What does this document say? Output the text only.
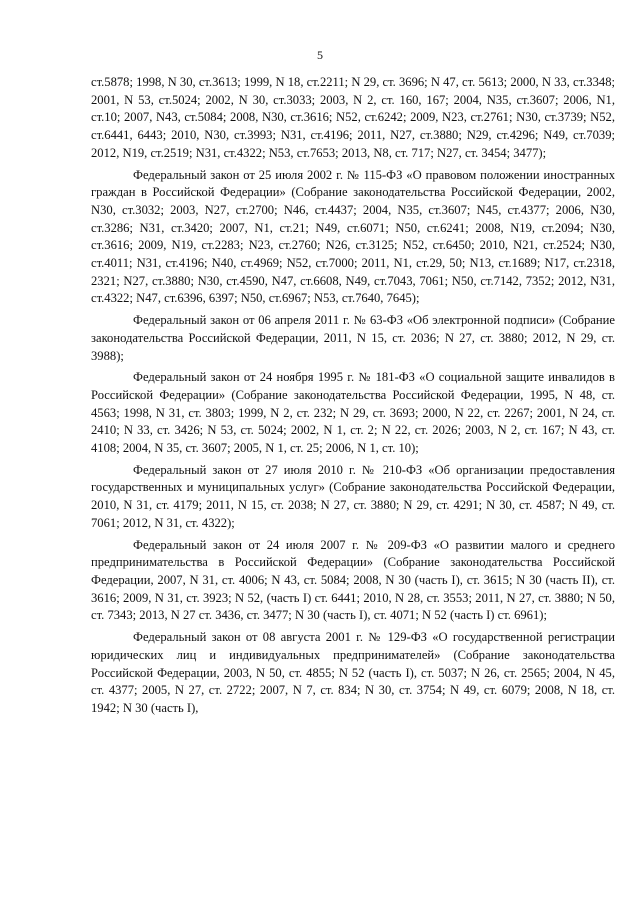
5

ст.5878; 1998, N 30, ст.3613; 1999, N 18, ст.2211; N 29, ст. 3696; N 47, ст. 5613; 2000, N 33, ст.3348; 2001, N 53, ст.5024; 2002, N 30, ст.3033; 2003, N 2, ст. 160, 167; 2004, N35, ст.3607; 2006, N1, ст.10; 2007, N43, ст.5084; 2008, N30, ст.3616; N52, ст.6242; 2009, N23, ст.2761; N30, ст.3739; N52, ст.6441, 6443; 2010, N30, ст.3993; N31, ст.4196; 2011, N27, ст.3880; N29, ст.4296; N49, ст.7039; 2012, N19, ст.2519; N31, ст.4322; N53, ст.7653; 2013, N8, ст. 717; N27, ст. 3454; 3477);

Федеральный закон от 25 июля 2002 г. № 115-ФЗ «О правовом положении иностранных граждан в Российской Федерации» (Собрание законодательства Российской Федерации, 2002, N30, ст.3032; 2003, N27, ст.2700; N46, ст.4437; 2004, N35, ст.3607; N45, ст.4377; 2006, N30, ст.3286; N31, ст.3420; 2007, N1, ст.21; N49, ст.6071; N50, ст.6241; 2008, N19, ст.2094; N30, ст.3616; 2009, N19, ст.2283; N23, ст.2760; N26, ст.3125; N52, ст.6450; 2010, N21, ст.2524; N30, ст.4011; N31, ст.4196; N40, ст.4969; N52, ст.7000; 2011, N1, ст.29, 50; N13, ст.1689; N17, ст.2318, 2321; N27, ст.3880; N30, ст.4590, N47, ст.6608, N49, ст.7043, 7061; N50, ст.7142, 7352; 2012, N31, ст.4322; N47, ст.6396, 6397; N50, ст.6967; N53, ст.7640, 7645);

Федеральный закон от 06 апреля 2011 г. № 63-ФЗ «Об электронной подписи» (Собрание законодательства Российской Федерации, 2011, N 15, ст. 2036; N 27, ст. 3880; 2012, N 29, ст. 3988);

Федеральный закон от 24 ноября 1995 г. № 181-ФЗ «О социальной защите инвалидов в Российской Федерации» (Собрание законодательства Российской Федерации, 1995, N 48, ст. 4563; 1998, N 31, ст. 3803; 1999, N 2, ст. 232; N 29, ст. 3693; 2000, N 22, ст. 2267; 2001, N 24, ст. 2410; N 33, ст. 3426; N 53, ст. 5024; 2002, N 1, ст. 2; N 22, ст. 2026; 2003, N 2, ст. 167; N 43, ст. 4108; 2004, N 35, ст. 3607; 2005, N 1, ст. 25; 2006, N 1, ст. 10);

Федеральный закон от 27 июля 2010 г. № 210-ФЗ «Об организации предоставления государственных и муниципальных услуг» (Собрание законодательства Российской Федерации, 2010, N 31, ст. 4179; 2011, N 15, ст. 2038; N 27, ст. 3880; N 29, ст. 4291; N 30, ст. 4587; N 49, ст. 7061; 2012, N 31, ст. 4322);

Федеральный закон от 24 июля 2007 г. № 209-ФЗ «О развитии малого и среднего предпринимательства в Российской Федерации» (Собрание законодательства Российской Федерации, 2007, N 31, ст. 4006; N 43, ст. 5084; 2008, N 30 (часть I), ст. 3615; N 30 (часть II), ст. 3616; 2009, N 31, ст. 3923; N 52, (часть I) ст. 6441; 2010, N 28, ст. 3553; 2011, N 27, ст. 3880; N 50, ст. 7343; 2013, N 27 ст. 3436, ст. 3477; N 30 (часть I), ст. 4071; N 52 (часть I) ст. 6961);

Федеральный закон от 08 августа 2001 г. № 129-ФЗ «О государственной регистрации юридических лиц и индивидуальных предпринимателей» (Собрание законодательства Российской Федерации, 2003, N 50, ст. 4855; N 52 (часть I), ст. 5037; N 26, ст. 2565; 2004, N 45, ст. 4377; 2005, N 27, ст. 2722; 2007, N 7, ст. 834; N 30, ст. 3754; N 49, ст. 6079; 2008, N 18, ст. 1942; N 30 (часть I),
